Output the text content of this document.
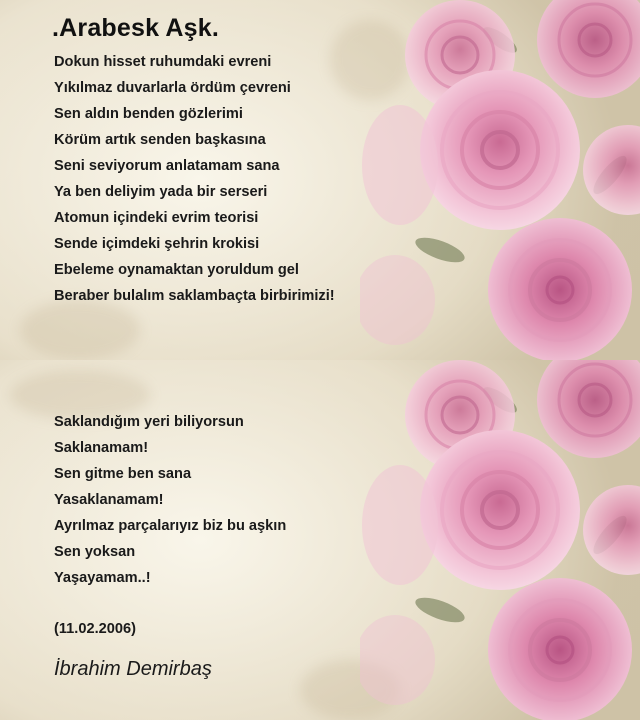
.Arabesk Aşk.
Dokun hisset ruhumdaki evreni
Yıkılmaz duvarlarla ördüm çevreni
Sen aldın benden gözlerimi
Körüm artık senden başkasına
Seni seviyorum anlatamam sana
Ya ben deliyim yada bir serseri
Atomun içindeki evrim teorisi
Sende içimdeki şehrin krokisi
Ebeleme oynamaktan yoruldum gel
Beraber bulalım saklambaçta birbirimizi!
Saklandığım yeri biliyorsun
Saklanamam!
Sen gitme ben sana
Yasaklanamam!
Ayrılmaz parçalarıyız biz bu aşkın
Sen yoksan
Yaşayamam..!

(11.02.2006)

İbrahim Demirbaş
